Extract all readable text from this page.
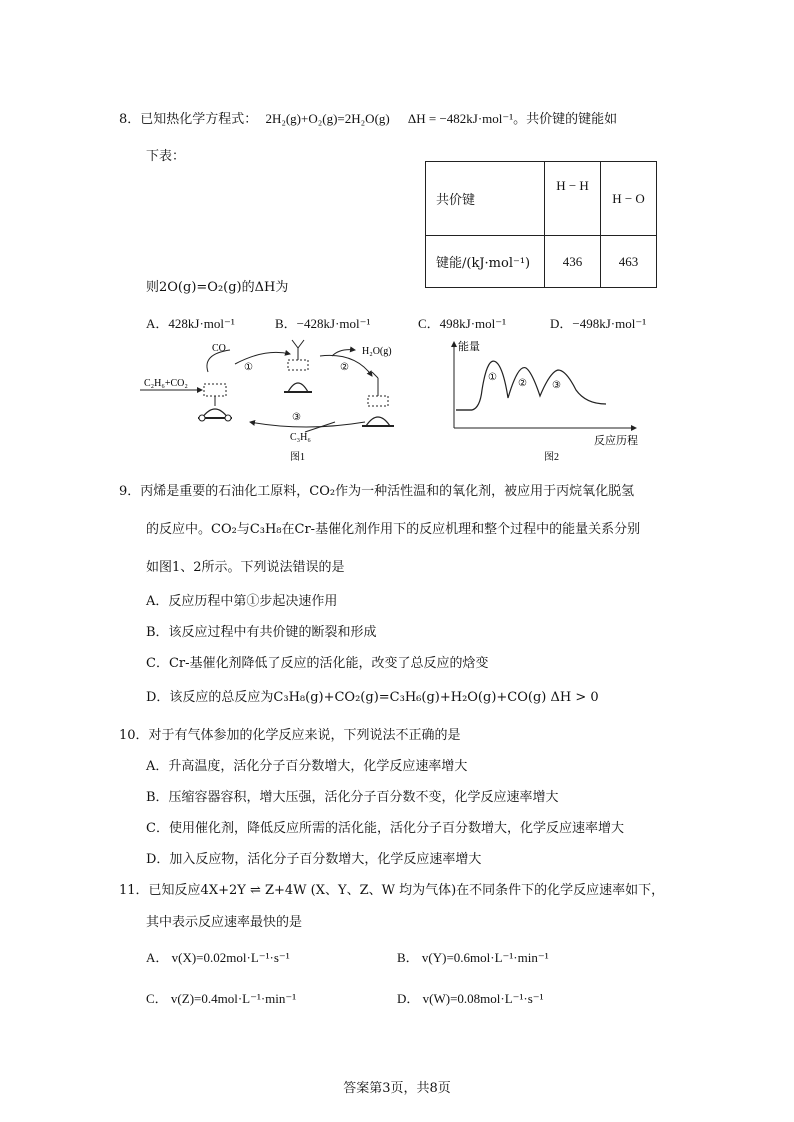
8．已知热化学方程式： 2H₂(g)+O₂(g)=2H₂O(g) ΔH = −482kJ·mol⁻¹。共价键的键能如
下表：
共价键	H − H	H − O
键能/(kJ·mol⁻¹)	436	463
则2O(g)=O₂(g)的ΔH为
A．428kJ·mol⁻¹	B．−428kJ·mol⁻¹	C．498kJ·mol⁻¹	D．−498kJ·mol⁻¹
CO
C₂H₆+CO₂
H₂O(g)
C₃H₆
①	②
③
图1
能量
反应历程
①
②	③
图2
9．丙烯是重要的石油化工原料，CO₂作为一种活性温和的氧化剂，被应用于丙烷氧化脱氢
的反应中。CO₂与C₃H₈在Cr-基催化剂作用下的反应机理和整个过程中的能量关系分别
如图1、2所示。下列说法错误的是
A．反应历程中第①步起决速作用
B．该反应过程中有共价键的断裂和形成
C．Cr-基催化剂降低了反应的活化能，改变了总反应的焓变
D．该反应的总反应为C₃H₈(g)+CO₂(g)=C₃H₆(g)+H₂O(g)+CO(g) ΔH > 0
10．对于有气体参加的化学反应来说，下列说法不正确的是
A．升高温度，活化分子百分数增大，化学反应速率增大
B．压缩容器容积，增大压强，活化分子百分数不变，化学反应速率增大
C．使用催化剂，降低反应所需的活化能，活化分子百分数增大，化学反应速率增大
D．加入反应物，活化分子百分数增大，化学反应速率增大
11．已知反应4X+2Y ⇌ Z+4W (X、Y、Z、W 均为气体)在不同条件下的化学反应速率如下，
其中表示反应速率最快的是
A． v(X)=0.02mol·L⁻¹·s⁻¹	B． v(Y)=0.6mol·L⁻¹·min⁻¹
C． v(Z)=0.4mol·L⁻¹·min⁻¹	D． v(W)=0.08mol·L⁻¹·s⁻¹
答案第3页，共8页
